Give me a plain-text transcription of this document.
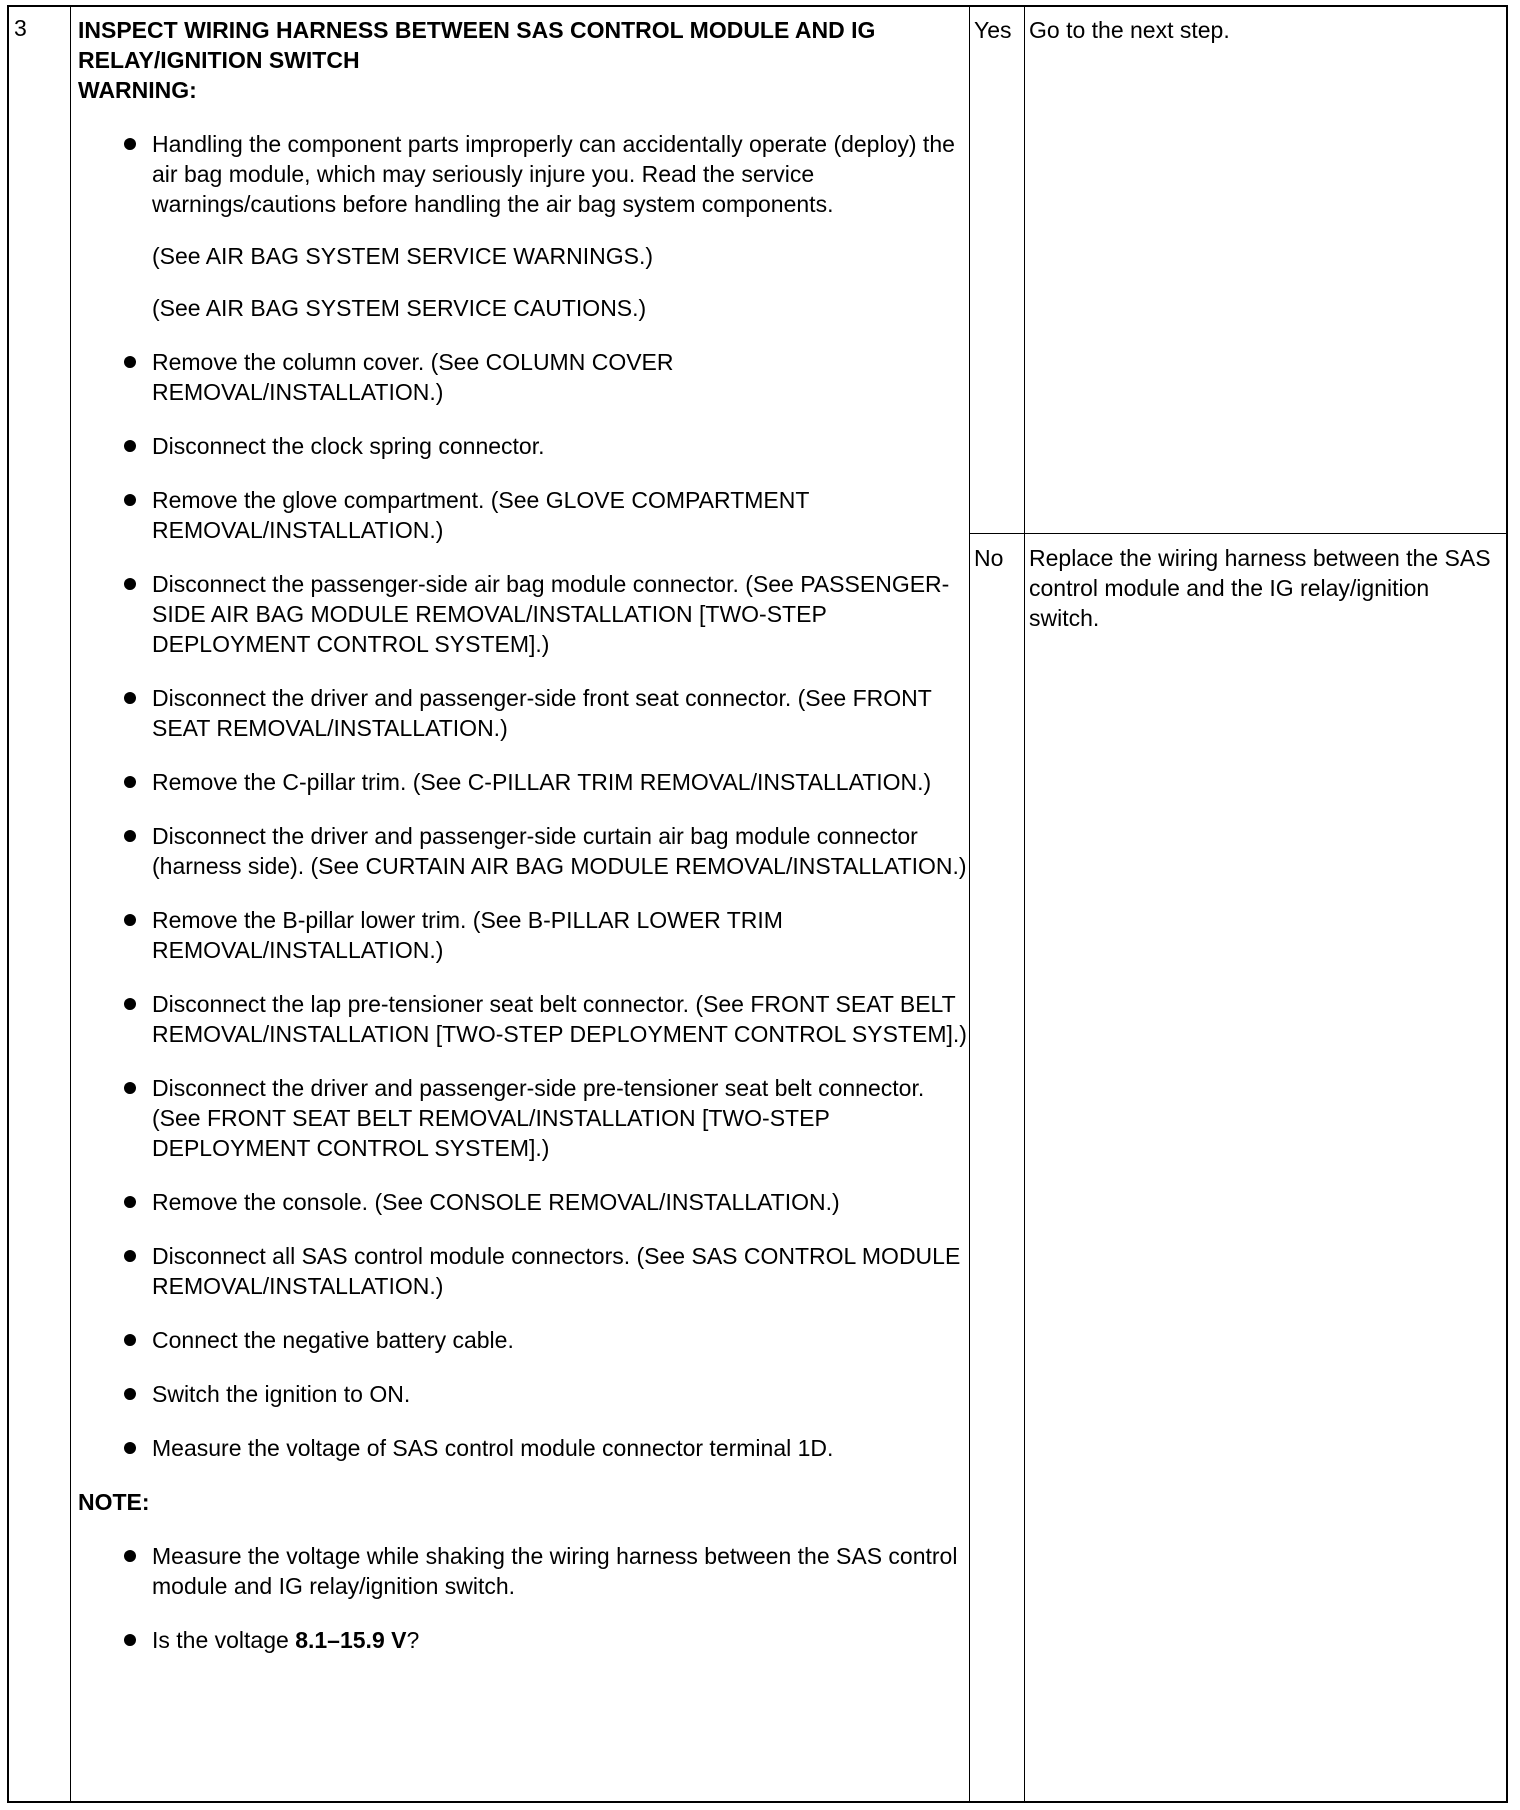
3 INSPECT WIRING HARNESS BETWEEN SAS CONTROL MODULE AND IG RELAY/IGNITION SWITCH
WARNING:
Handling the component parts improperly can accidentally operate (deploy) the air bag module, which may seriously injure you. Read the service warnings/cautions before handling the air bag system components.
(See AIR BAG SYSTEM SERVICE WARNINGS.)
(See AIR BAG SYSTEM SERVICE CAUTIONS.)
Remove the column cover. (See COLUMN COVER REMOVAL/INSTALLATION.)
Disconnect the clock spring connector.
Remove the glove compartment. (See GLOVE COMPARTMENT REMOVAL/INSTALLATION.)
Disconnect the passenger-side air bag module connector. (See PASSENGER-SIDE AIR BAG MODULE REMOVAL/INSTALLATION [TWO-STEP DEPLOYMENT CONTROL SYSTEM].)
Disconnect the driver and passenger-side front seat connector. (See FRONT SEAT REMOVAL/INSTALLATION.)
Remove the C-pillar trim. (See C-PILLAR TRIM REMOVAL/INSTALLATION.)
Disconnect the driver and passenger-side curtain air bag module connector (harness side). (See CURTAIN AIR BAG MODULE REMOVAL/INSTALLATION.)
Remove the B-pillar lower trim. (See B-PILLAR LOWER TRIM REMOVAL/INSTALLATION.)
Disconnect the lap pre-tensioner seat belt connector. (See FRONT SEAT BELT REMOVAL/INSTALLATION [TWO-STEP DEPLOYMENT CONTROL SYSTEM].)
Disconnect the driver and passenger-side pre-tensioner seat belt connector. (See FRONT SEAT BELT REMOVAL/INSTALLATION [TWO-STEP DEPLOYMENT CONTROL SYSTEM].)
Remove the console. (See CONSOLE REMOVAL/INSTALLATION.)
Disconnect all SAS control module connectors. (See SAS CONTROL MODULE REMOVAL/INSTALLATION.)
Connect the negative battery cable.
Switch the ignition to ON.
Measure the voltage of SAS control module connector terminal 1D.
NOTE:
Measure the voltage while shaking the wiring harness between the SAS control module and IG relay/ignition switch.
Is the voltage 8.1–15.9 V?
Yes Go to the next step.
No Replace the wiring harness between the SAS control module and the IG relay/ignition switch.
